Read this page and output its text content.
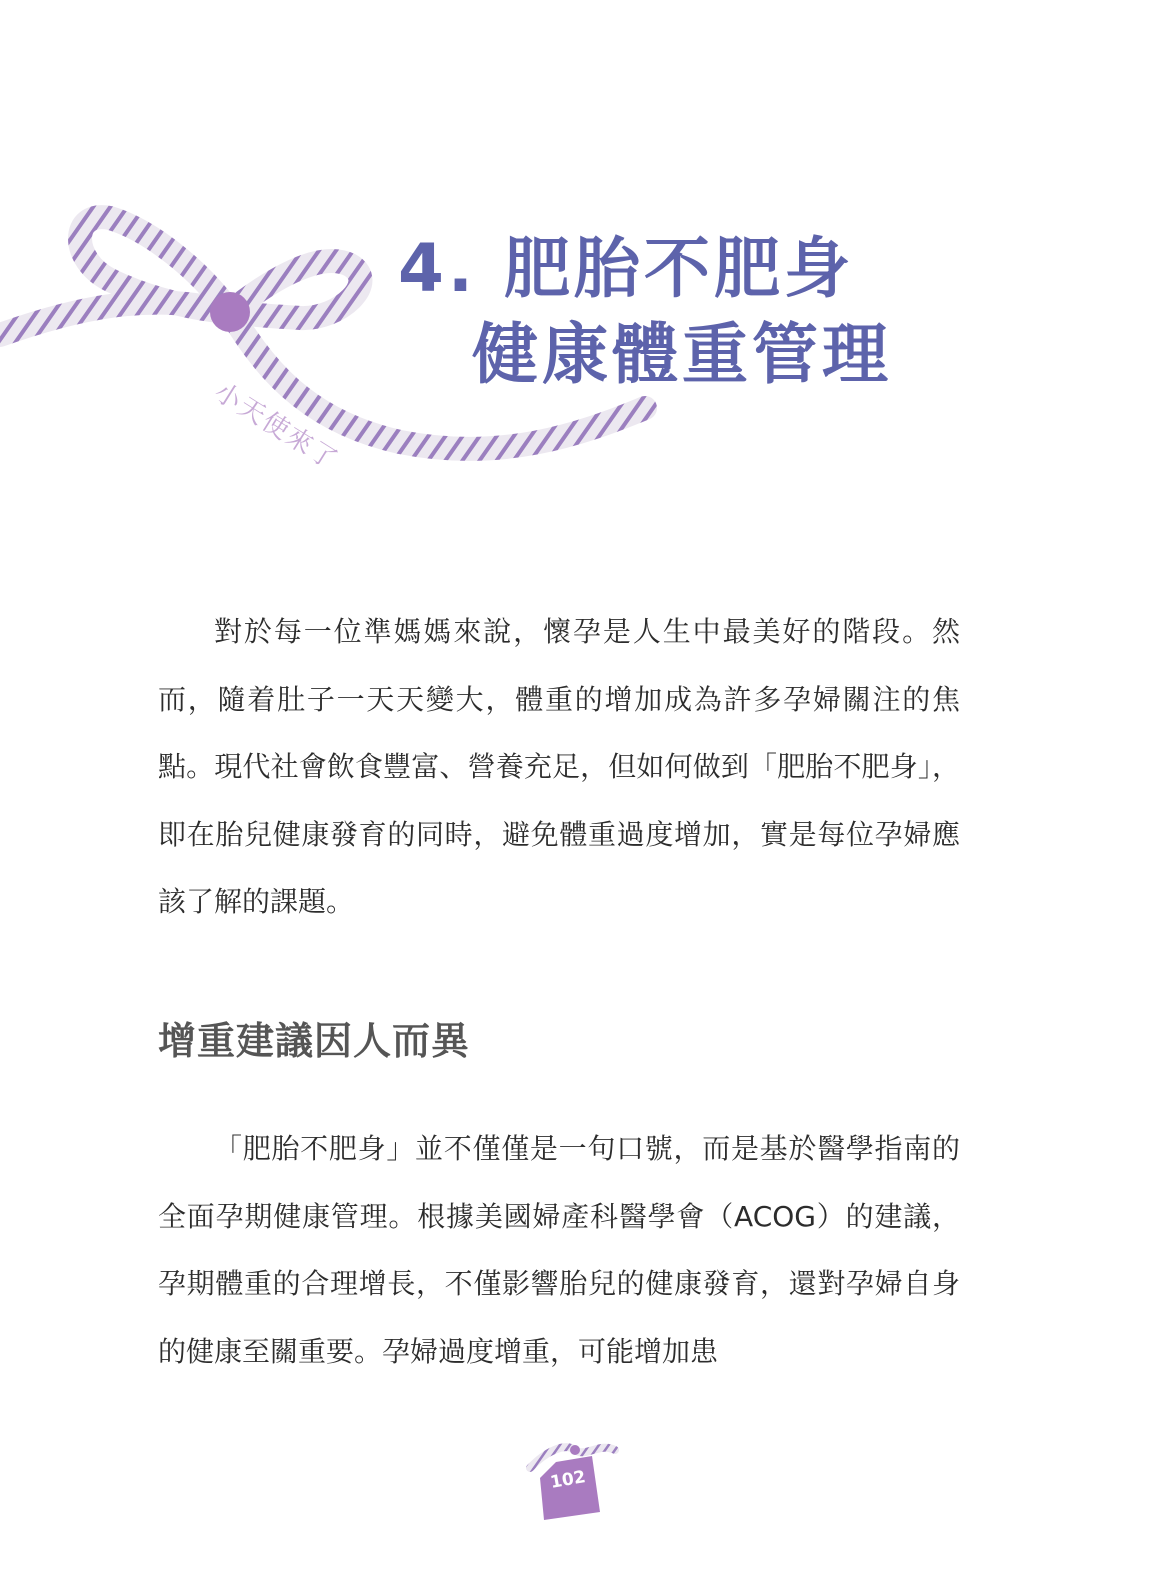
小天使來了
4. 肥胎不肥身
健康體重管理

對於每一位準媽媽來說，懷孕是人生中最美好的階段。然而，隨着肚子一天天變大，體重的增加成為許多孕婦關注的焦點。現代社會飲食豐富、營養充足，但如何做到「肥胎不肥身」，即在胎兒健康發育的同時，避免體重過度增加，實是每位孕婦應該了解的課題。

增重建議因人而異

「肥胎不肥身」並不僅僅是一句口號，而是基於醫學指南的全面孕期健康管理。根據美國婦產科醫學會（ACOG）的建議，孕期體重的合理增長，不僅影響胎兒的健康發育，還對孕婦自身的健康至關重要。孕婦過度增重，可能增加患

102
